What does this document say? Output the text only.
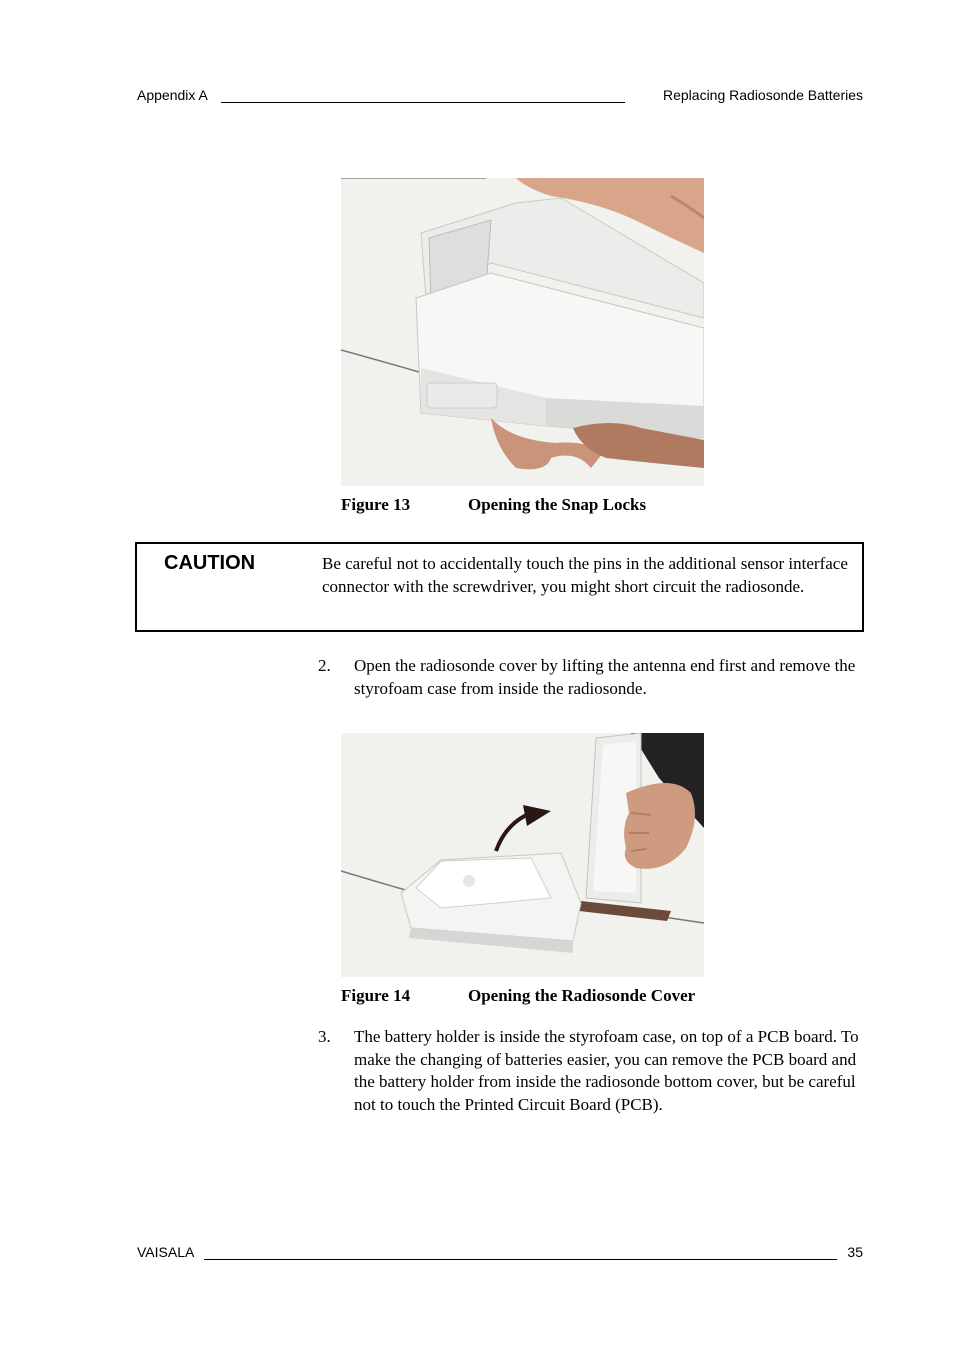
Appendix A	Replacing Radiosonde Batteries
Figure 13	Opening the Snap Locks
CAUTION	Be careful not to accidentally touch the pins in the additional sensor interface connector with the screwdriver, you might short circuit the radiosonde.
2. Open the radiosonde cover by lifting the antenna end first and remove the styrofoam case from inside the radiosonde.
Figure 14	Opening the Radiosonde Cover
3. The battery holder is inside the styrofoam case, on top of a PCB board. To make the changing of batteries easier, you can remove the PCB board and the battery holder from inside the radiosonde bottom cover, but be careful not to touch the Printed Circuit Board (PCB).
VAISALA	35
